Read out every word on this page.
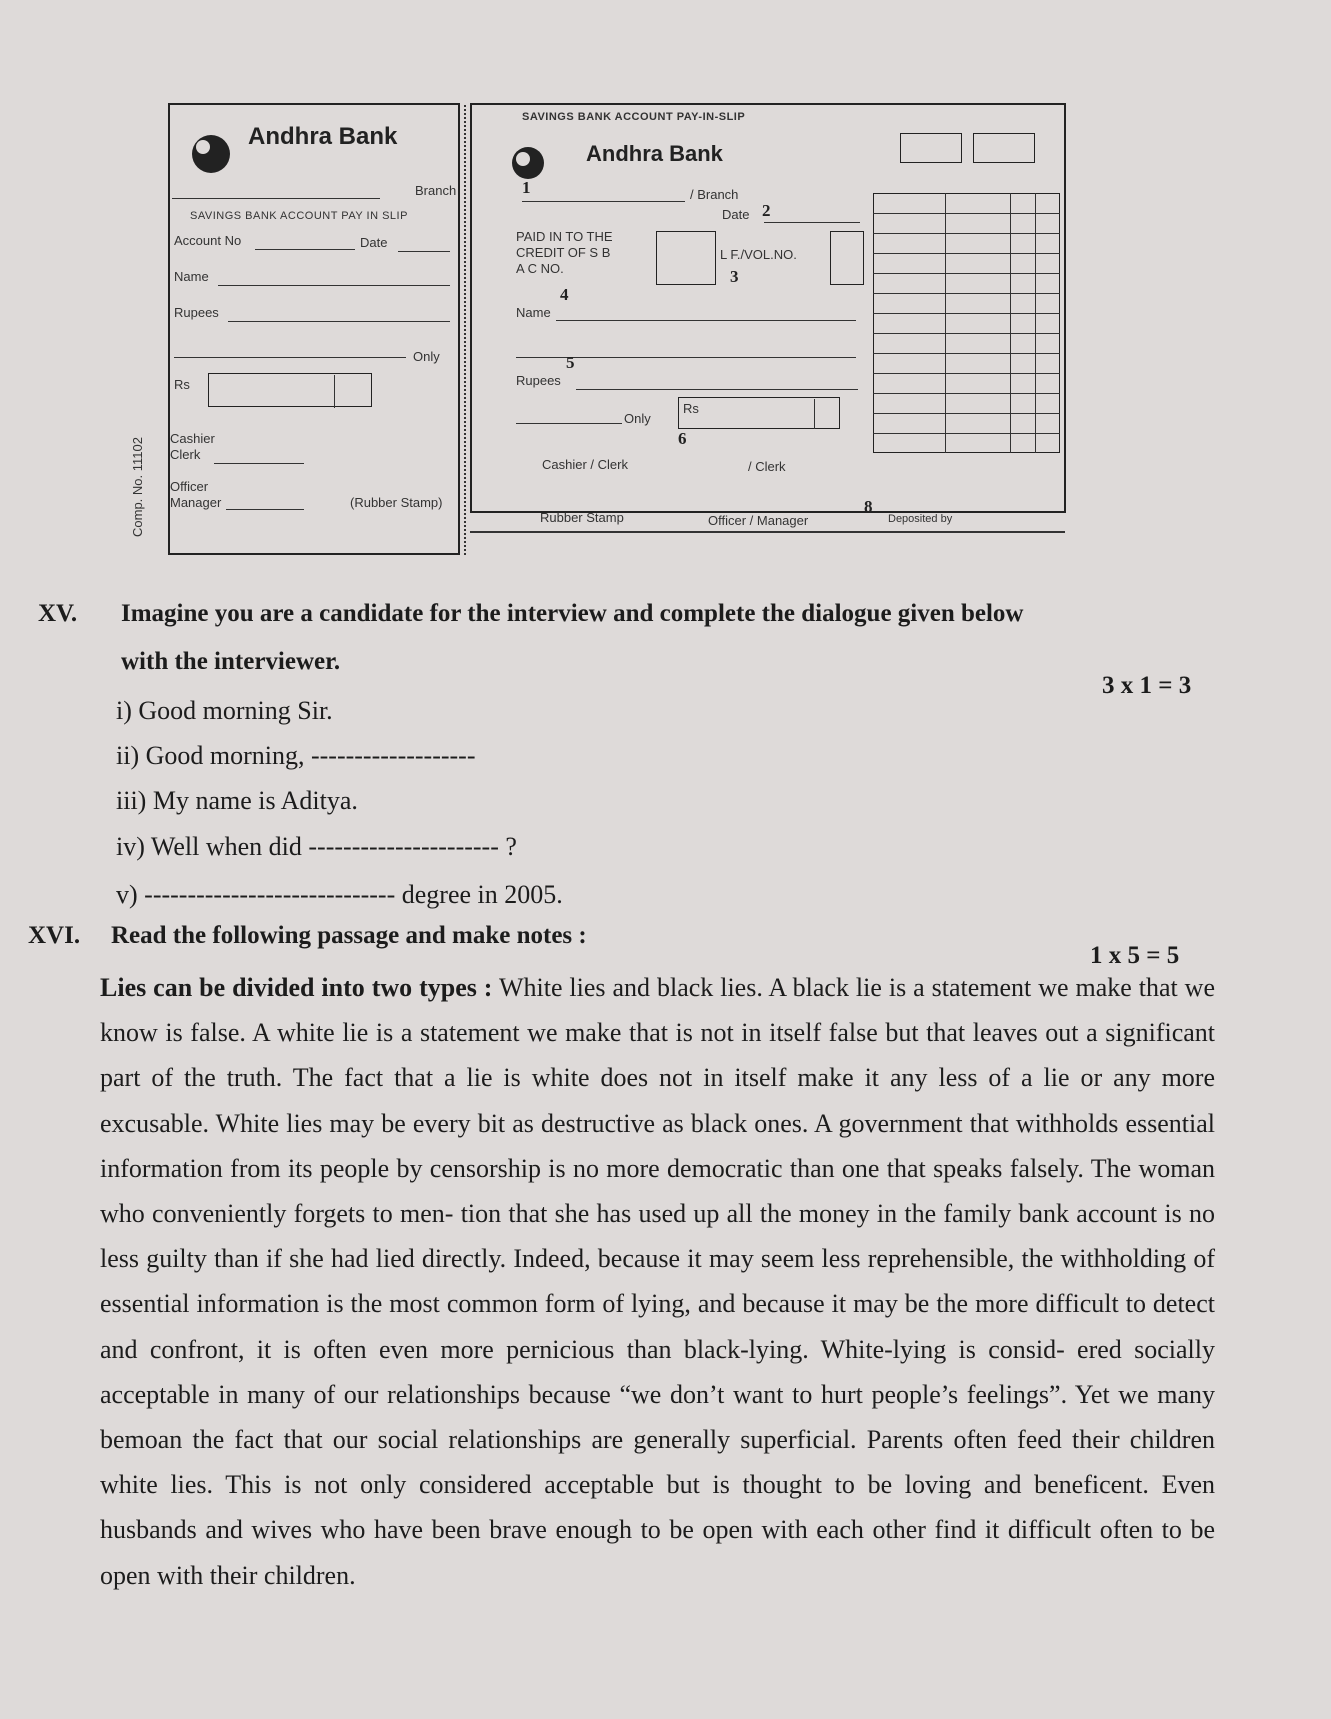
Andhra Bank
Branch
SAVINGS BANK ACCOUNT PAY IN SLIP
Account No	Date
Name
Rupees
Only
Rs
Cashier
Clerk
Officer
Manager	(Rubber Stamp)
Comp. No. 11102
SAVINGS BANK ACCOUNT PAY-IN-SLIP
Andhra Bank
1	/ Branch
Date 2
PAID IN TO THE
CREDIT OF S B
A C NO.
L F./VOL.NO.
3
4
Name
5
Rupees
Only
Rs
6
Cashier / Clerk	/ Clerk
Rubber Stamp	Officer / Manager
8
Deposited by
XV. Imagine you are a candidate for the interview and complete the dialogue given below
with the interviewer.
3 x 1 = 3
i) Good morning Sir.
ii) Good morning, -------------------
iii) My name is Aditya.
iv) Well when did ---------------------- ?
v) ----------------------------- degree in 2005.
XVI. Read the following passage and make notes :
1 x 5 = 5
Lies can be divided into two types : White lies and black lies. A black lie is a statement we make that we know is false. A white lie is a statement we make that is not in itself false but that leaves out a significant part of the truth. The fact that a lie is white does not in itself make it any less of a lie or any more excusable. White lies may be every bit as destructive as black ones. A government that withholds essential information from its people by censorship is no more democratic than one that speaks falsely. The woman who conveniently forgets to men- tion that she has used up all the money in the family bank account is no less guilty than if she had lied directly. Indeed, because it may seem less reprehensible, the withholding of essential information is the most common form of lying, and because it may be the more difficult to detect and confront, it is often even more pernicious than black-lying. White-lying is consid- ered socially acceptable in many of our relationships because “we don’t want to hurt people’s feelings”. Yet we many bemoan the fact that our social relationships are generally superficial. Parents often feed their children white lies. This is not only considered acceptable but is thought to be loving and beneficent. Even husbands and wives who have been brave enough to be open with each other find it difficult often to be open with their children.
